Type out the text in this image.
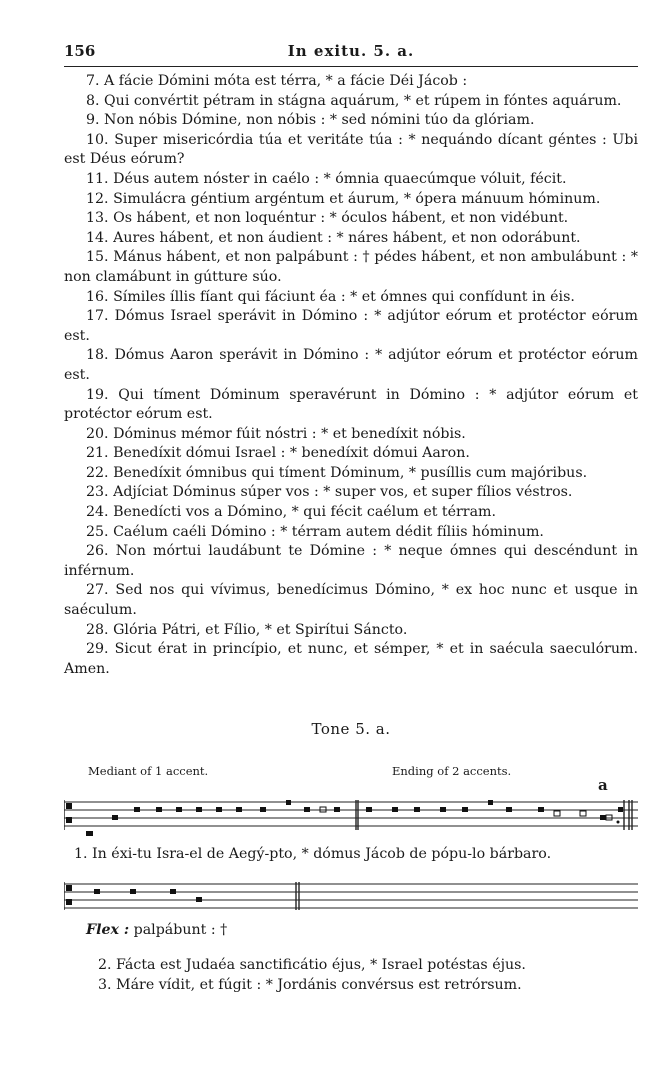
156	In exitu. 5. a.
7. A fácie Dómini móta est térra, * a fácie Déi Jácob :
8. Qui convértit pétram in stágna aquárum, * et rúpem in fóntes aquárum.
9. Non nóbis Dómine, non nóbis : * sed nómini túo da glóriam.
10. Super misericórdia túa et veritáte túa : * nequándo dícant géntes : Ubi est Déus eórum?
11. Déus autem nóster in caélo : * ómnia quaecúmque vóluit, fécit.
12. Simulácra géntium argéntum et áurum, * ópera mánuum hóminum.
13. Os hábent, et non loquéntur : * óculos hábent, et non vidébunt.
14. Aures hábent, et non áudient : * náres hábent, et non odorábunt.
15. Mánus hábent, et non palpábunt : † pédes hábent, et non ambulábunt : * non clamábunt in gútture súo.
16. Símiles íllis fíant qui fáciunt éa : * et ómnes qui confídunt in éis.
17. Dómus Israel sperávit in Dómino : * adjútor eórum et protéctor eórum est.
18. Dómus Aaron sperávit in Dómino : * adjútor eórum et protéctor eórum est.
19. Qui tíment Dóminum speravérunt in Dómino : * adjútor eórum et protéctor eórum est.
20. Dóminus mémor fúit nóstri : * et benedíxit nóbis.
21. Benedíxit dómui Israel : * benedíxit dómui Aaron.
22. Benedíxit ómnibus qui tíment Dóminum, * pusíllis cum majóribus.
23. Adjíciat Dóminus súper vos : * super vos, et super fílios véstros.
24. Benedícti vos a Dómino, * qui fécit caélum et térram.
25. Caélum caéli Dómino : * térram autem dédit fíliis hóminum.
26. Non mórtui laudábunt te Dómine : * neque ómnes qui descéndunt in inférnum.
27. Sed nos qui vívimus, benedícimus Dómino, * ex hoc nunc et usque in saéculum.
28. Glória Pátri, et Fílio, * et Spirítui Sáncto.
29. Sicut érat in princípio, et nunc, et sémper, * et in saécula saeculórum. Amen.
Tone 5. a.
Mediant of 1 accent.	Ending of 2 accents.
a
1. In éxi-tu Isra-el de Aegý-pto, * dómus Jácob de pópu-lo bárbaro.
Flex : palpábunt : †
2. Fácta est Judaéa sanctificátio éjus, * Israel potéstas éjus.
3. Máre vídit, et fúgit : * Jordánis convérsus est retrórsum.
